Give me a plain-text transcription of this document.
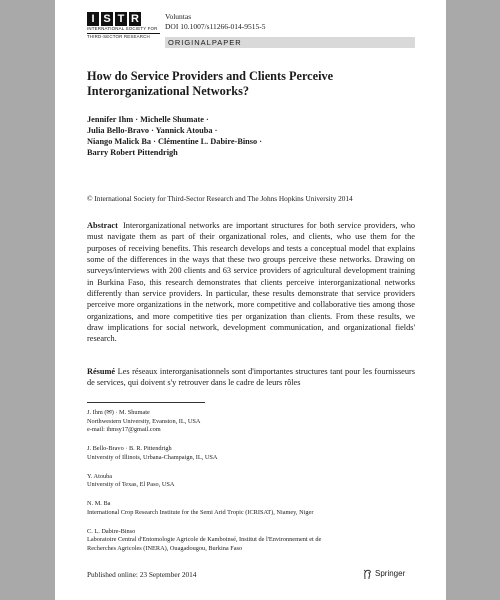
I S T R
INTERNATIONAL SOCIETY FOR
THIRD-SECTOR RESEARCH
Voluntas
DOI 10.1007/s11266-014-9515-5
ORIGINALPAPER
How do Service Providers and Clients Perceive Interorganizational Networks?
Jennifer Ihm · Michelle Shumate ·
Julia Bello-Bravo · Yannick Atouba ·
Niango Malick Ba · Clémentine L. Dabire-Binso ·
Barry Robert Pittendrigh
© International Society for Third-Sector Research and The Johns Hopkins University 2014
Abstract Interorganizational networks are important structures for both service providers, who must navigate them as part of their organizational roles, and clients, who use them for the purposes of receiving benefits. This research develops and tests a conceptual model that explains some of the differences in the ways that these two groups perceive these networks. Drawing on surveys/interviews with 200 clients and 63 service providers of agricultural development training in Burkina Faso, this research demonstrates that clients perceive interorganizational networks differently than service providers. In particular, these results demonstrate that service providers perceive more organizations in the network, more competitive and collaborative ties among those organizations, and more competitive ties per organization than clients. From these results, we draw implications for social network, development communication, and organizational fields' research.
Résumé Les réseaux interorganisationnels sont d'importantes structures tant pour les fournisseurs de services, qui doivent s'y retrouver dans le cadre de leurs rôles
J. Ihm (✉) · M. Shumate
Northwestern University, Evanston, IL, USA
e-mail: ihmsy17@gmail.com
J. Bello-Bravo · B. R. Pittendrigh
University of Illinois, Urbana-Champaign, IL, USA
Y. Atouba
University of Texas, El Paso, USA
N. M. Ba
International Crop Research Institute for the Semi Arid Tropic (ICRISAT), Niamey, Niger
C. L. Dabire-Binso
Laboratoire Central d'Entomologie Agricole de Kamboinsé, Institut de l'Environnement et de
Recherches Agricoles (INERA), Ouagadougou, Burkina Faso
Published online: 23 September 2014	Springer
